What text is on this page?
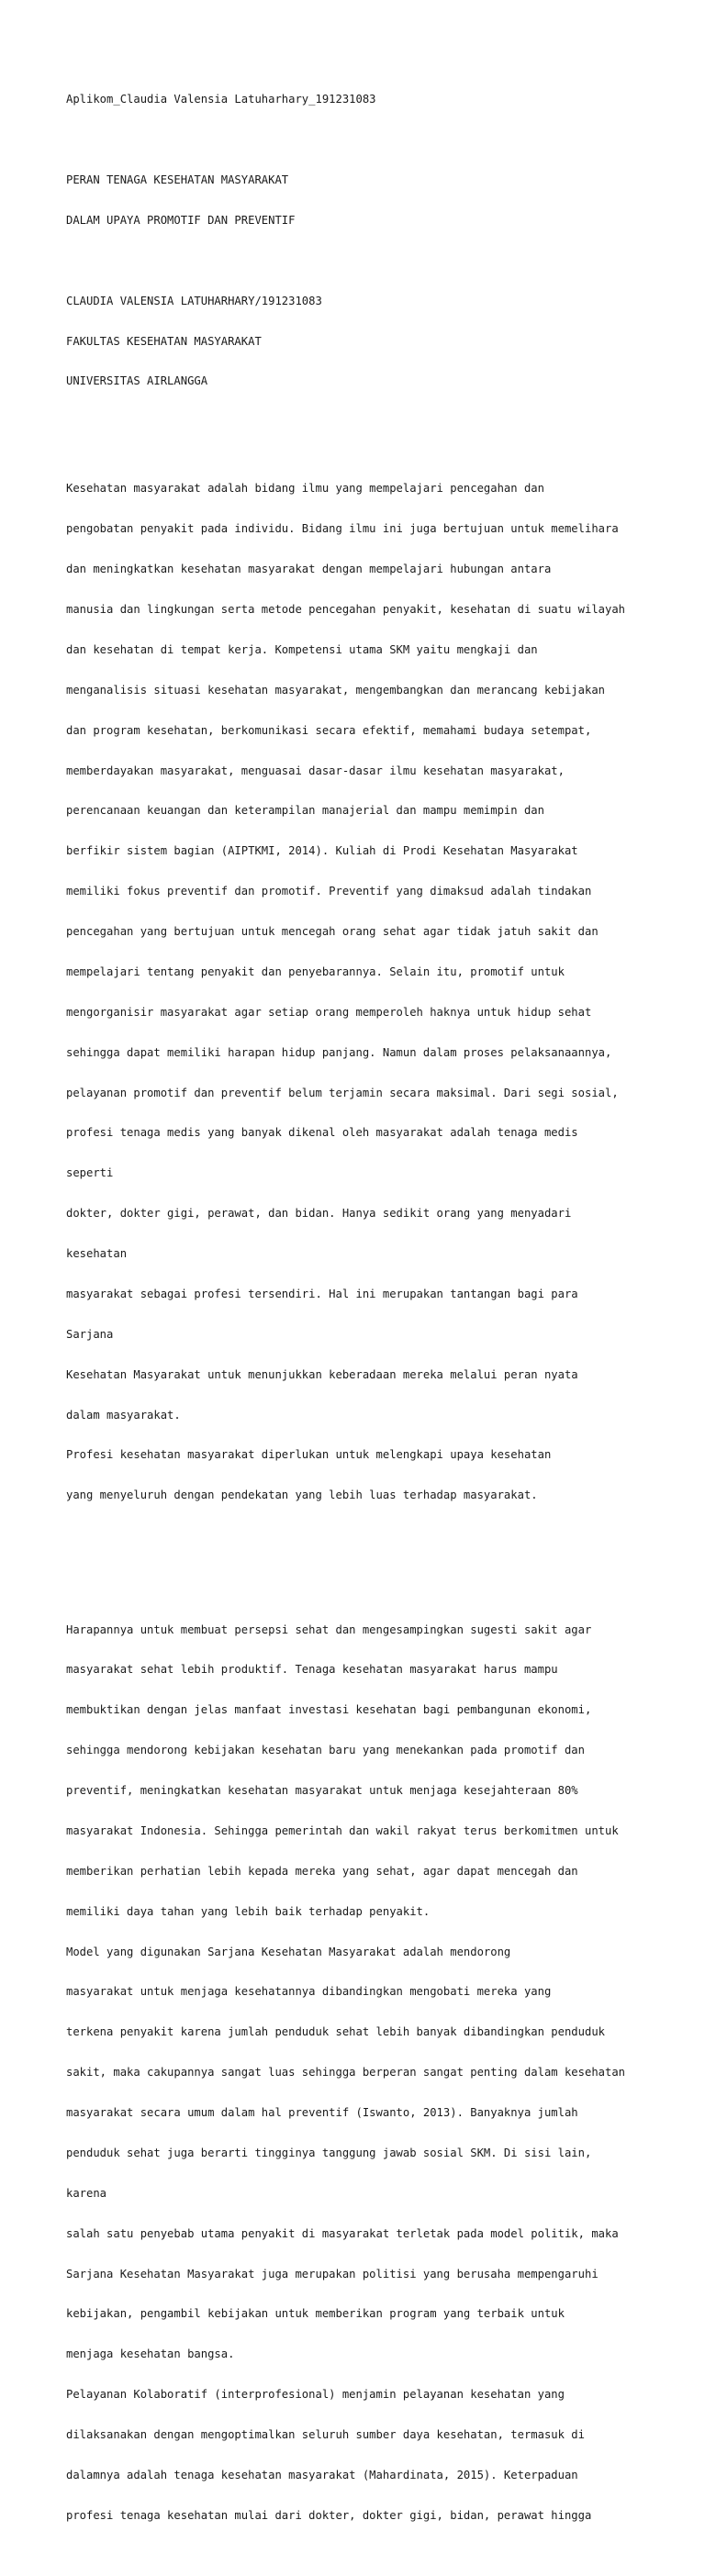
Aplikom_Claudia Valensia Latuharhary_191231083

PERAN TENAGA KESEHATAN MASYARAKAT

DALAM UPAYA PROMOTIF DAN PREVENTIF

CLAUDIA VALENSIA LATUHARHARY/191231083

FAKULTAS KESEHATAN MASYARAKAT

UNIVERSITAS AIRLANGGA

Kesehatan masyarakat adalah bidang ilmu yang mempelajari pencegahan dan

pengobatan penyakit pada individu. Bidang ilmu ini juga bertujuan untuk memelihara

dan meningkatkan kesehatan masyarakat dengan mempelajari hubungan antara

manusia dan lingkungan serta metode pencegahan penyakit, kesehatan di suatu wilayah

dan kesehatan di tempat kerja. Kompetensi utama SKM yaitu mengkaji dan

menganalisis situasi kesehatan masyarakat, mengembangkan dan merancang kebijakan

dan program kesehatan, berkomunikasi secara efektif, memahami budaya setempat,

memberdayakan masyarakat, menguasai dasar-dasar ilmu kesehatan masyarakat,

perencanaan keuangan dan keterampilan manajerial dan mampu memimpin dan

berfikir sistem bagian (AIPTKMI, 2014). Kuliah di Prodi Kesehatan Masyarakat

memiliki fokus preventif dan promotif. Preventif yang dimaksud adalah tindakan

pencegahan yang bertujuan untuk mencegah orang sehat agar tidak jatuh sakit dan

mempelajari tentang penyakit dan penyebarannya. Selain itu, promotif untuk

mengorganisir masyarakat agar setiap orang memperoleh haknya untuk hidup sehat

sehingga dapat memiliki harapan hidup panjang. Namun dalam proses pelaksanaannya,

pelayanan promotif dan preventif belum terjamin secara maksimal. Dari segi sosial,

profesi tenaga medis yang banyak dikenal oleh masyarakat adalah tenaga medis

seperti

dokter, dokter gigi, perawat, dan bidan. Hanya sedikit orang yang menyadari

kesehatan

masyarakat sebagai profesi tersendiri. Hal ini merupakan tantangan bagi para

Sarjana

Kesehatan Masyarakat untuk menunjukkan keberadaan mereka melalui peran nyata

dalam masyarakat.

Profesi kesehatan masyarakat diperlukan untuk melengkapi upaya kesehatan

yang menyeluruh dengan pendekatan yang lebih luas terhadap masyarakat.

Harapannya untuk membuat persepsi sehat dan mengesampingkan sugesti sakit agar

masyarakat sehat lebih produktif. Tenaga kesehatan masyarakat harus mampu

membuktikan dengan jelas manfaat investasi kesehatan bagi pembangunan ekonomi,

sehingga mendorong kebijakan kesehatan baru yang menekankan pada promotif dan

preventif, meningkatkan kesehatan masyarakat untuk menjaga kesejahteraan 80%

masyarakat Indonesia. Sehingga pemerintah dan wakil rakyat terus berkomitmen untuk

memberikan perhatian lebih kepada mereka yang sehat, agar dapat mencegah dan

memiliki daya tahan yang lebih baik terhadap penyakit.

Model yang digunakan Sarjana Kesehatan Masyarakat adalah mendorong

masyarakat untuk menjaga kesehatannya dibandingkan mengobati mereka yang

terkena penyakit karena jumlah penduduk sehat lebih banyak dibandingkan penduduk

sakit, maka cakupannya sangat luas sehingga berperan sangat penting dalam kesehatan

masyarakat secara umum dalam hal preventif (Iswanto, 2013). Banyaknya jumlah

penduduk sehat juga berarti tingginya tanggung jawab sosial SKM. Di sisi lain,

karena

salah satu penyebab utama penyakit di masyarakat terletak pada model politik, maka

Sarjana Kesehatan Masyarakat juga merupakan politisi yang berusaha mempengaruhi

kebijakan, pengambil kebijakan untuk memberikan program yang terbaik untuk

menjaga kesehatan bangsa.

Pelayanan Kolaboratif (interprofesional) menjamin pelayanan kesehatan yang

dilaksanakan dengan mengoptimalkan seluruh sumber daya kesehatan, termasuk di

dalamnya adalah tenaga kesehatan masyarakat (Mahardinata, 2015). Keterpaduan

profesi tenaga kesehatan mulai dari dokter, dokter gigi, bidan, perawat hingga
